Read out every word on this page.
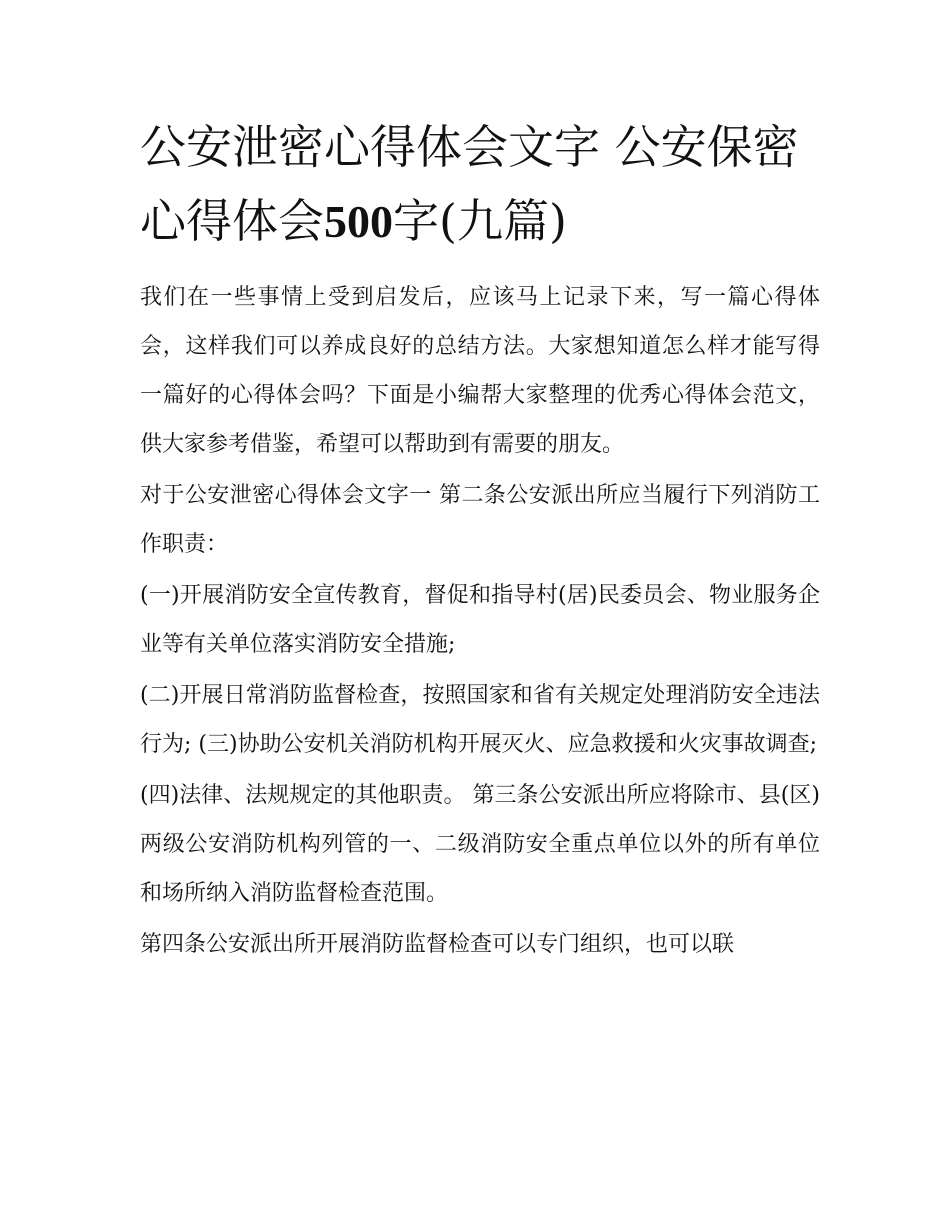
公安泄密心得体会文字 公安保密心得体会500字(九篇)

我们在一些事情上受到启发后，应该马上记录下来，写一篇心得体会，这样我们可以养成良好的总结方法。大家想知道怎么样才能写得一篇好的心得体会吗？下面是小编帮大家整理的优秀心得体会范文，供大家参考借鉴，希望可以帮助到有需要的朋友。

对于公安泄密心得体会文字一 第二条公安派出所应当履行下列消防工作职责：

(一)开展消防安全宣传教育，督促和指导村(居)民委员会、物业服务企业等有关单位落实消防安全措施;

(二)开展日常消防监督检查，按照国家和省有关规定处理消防安全违法行为; (三)协助公安机关消防机构开展灭火、应急救援和火灾事故调查;

(四)法律、法规规定的其他职责。 第三条公安派出所应将除市、县(区)两级公安消防机构列管的一、二级消防安全重点单位以外的所有单位和场所纳入消防监督检查范围。

第四条公安派出所开展消防监督检查可以专门组织，也可以联
